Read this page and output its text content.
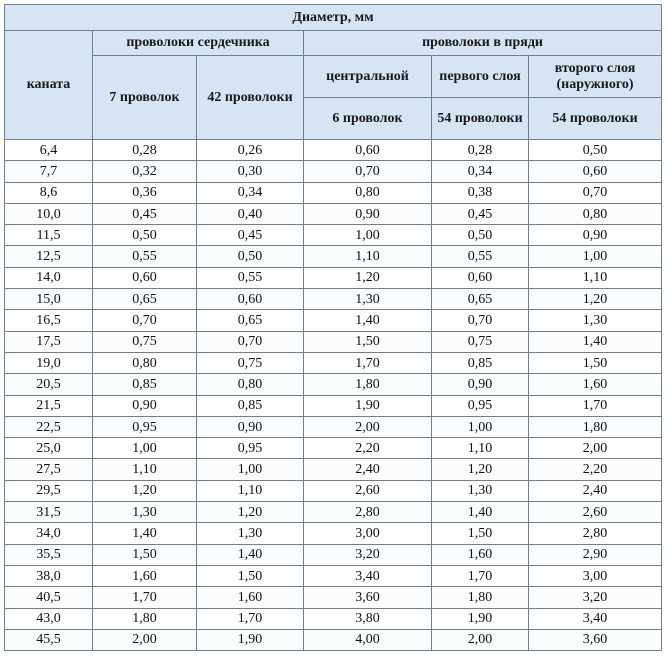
Диаметр, мм					
каната	проволоки сердечника		проволоки в пряди		
	7 проволок	42 проволоки	центральной	первого слоя	второго слоя (наружного)
			6 проволок	54 проволоки	54 проволоки
6,4	0,28	0,26	0,60	0,28	0,50
7,7	0,32	0,30	0,70	0,34	0,60
8,6	0,36	0,34	0,80	0,38	0,70
10,0	0,45	0,40	0,90	0,45	0,80
11,5	0,50	0,45	1,00	0,50	0,90
12,5	0,55	0,50	1,10	0,55	1,00
14,0	0,60	0,55	1,20	0,60	1,10
15,0	0,65	0,60	1,30	0,65	1,20
16,5	0,70	0,65	1,40	0,70	1,30
17,5	0,75	0,70	1,50	0,75	1,40
19,0	0,80	0,75	1,70	0,85	1,50
20,5	0,85	0,80	1,80	0,90	1,60
21,5	0,90	0,85	1,90	0,95	1,70
22,5	0,95	0,90	2,00	1,00	1,80
25,0	1,00	0,95	2,20	1,10	2,00
27,5	1,10	1,00	2,40	1,20	2,20
29,5	1,20	1,10	2,60	1,30	2,40
31,5	1,30	1,20	2,80	1,40	2,60
34,0	1,40	1,30	3,00	1,50	2,80
35,5	1,50	1,40	3,20	1,60	2,90
38,0	1,60	1,50	3,40	1,70	3,00
40,5	1,70	1,60	3,60	1,80	3,20
43,0	1,80	1,70	3,80	1,90	3,40
45,5	2,00	1,90	4,00	2,00	3,60
